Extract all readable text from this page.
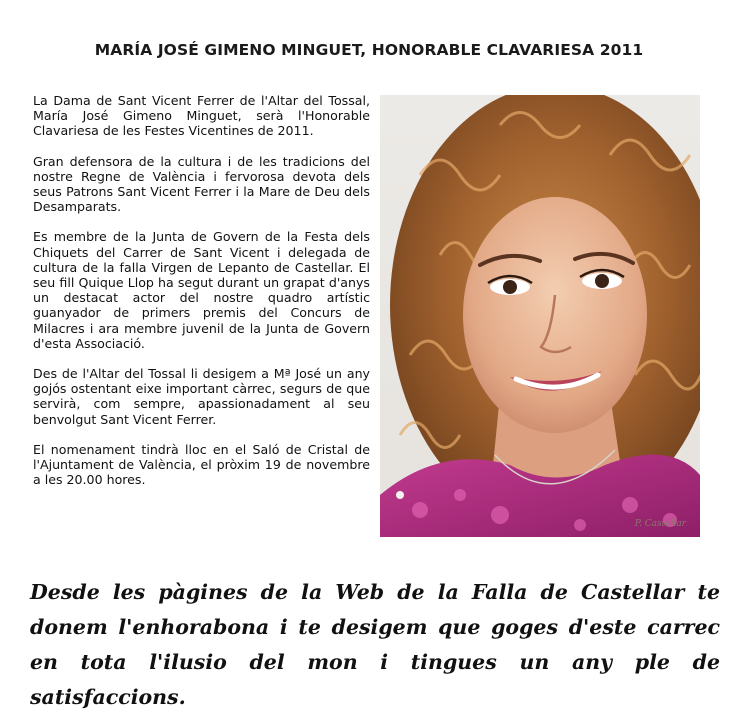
MARÍA JOSÉ GIMENO MINGUET, HONORABLE CLAVARIESA 2011

La Dama de Sant Vicent Ferrer de l'Altar del Tossal, María José Gimeno Minguet, serà l'Honorable Clavariesa de les Festes Vicentines de 2011.

Gran defensora de la cultura i de les tradicions del nostre Regne de València i fervorosa devota dels seus Patrons Sant Vicent Ferrer i la Mare de Deu dels Desamparats.

Es membre de la Junta de Govern de la Festa dels Chiquets del Carrer de Sant Vicent i delegada de cultura de la falla Virgen de Lepanto de Castellar. El seu fill Quique Llop ha segut durant un grapat d'anys un destacat actor del nostre quadro artístic guanyador de primers premis del Concurs de Milacres i ara membre juvenil de la Junta de Govern d'esta Associació.

Des de l'Altar del Tossal li desigem a Mª José un any gojós ostentant eixe important càrrec, segurs de que servirà, com sempre, apassionadament al seu benvolgut Sant Vicent Ferrer.

El nomenament tindrà lloc en el Saló de Cristal de l'Ajuntament de València, el pròxim 19 de novembre a les 20.00 hores.

P. Castellar
Desde les pàgines de la Web de la Falla de Castellar te donem l'enhorabona i te desigem que goges d'este carrec en tota l'ilusio del mon i tingues un any ple de satisfaccions.
